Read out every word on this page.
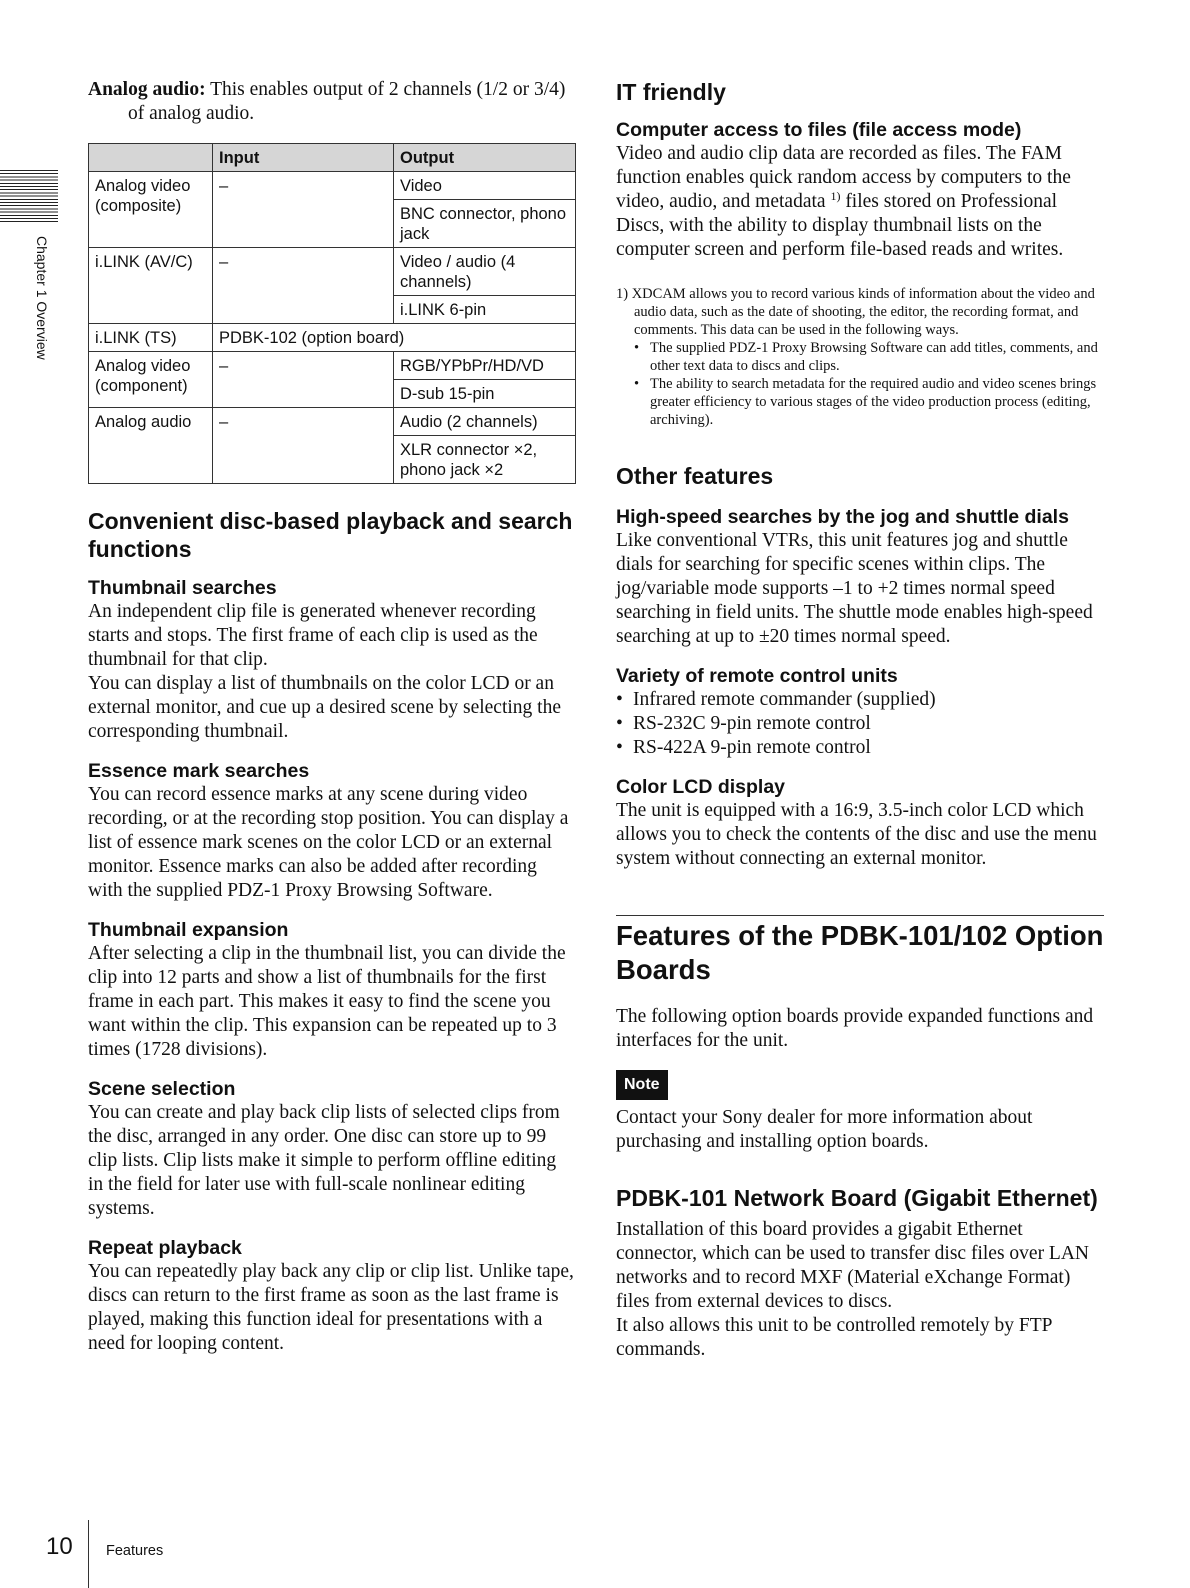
Chapter 1 Overview

Analog audio: This enables output of 2 channels (1/2 or 3/4) of analog audio.

	Input	Output
Analog video (composite)	–	Video
		BNC connector, phono jack
i.LINK (AV/C)	–	Video / audio (4 channels)
		i.LINK 6-pin
i.LINK (TS)	PDBK-102 (option board)	
Analog video (component)	–	RGB/YPbPr/HD/VD
		D-sub 15-pin
Analog audio	–	Audio (2 channels)
		XLR connector ×2, phono jack ×2
Convenient disc-based playback and search functions
Thumbnail searches

An independent clip file is generated whenever recording starts and stops. The first frame of each clip is used as the thumbnail for that clip.

You can display a list of thumbnails on the color LCD or an external monitor, and cue up a desired scene by selecting the corresponding thumbnail.

Essence mark searches

You can record essence marks at any scene during video recording, or at the recording stop position. You can display a list of essence mark scenes on the color LCD or an external monitor. Essence marks can also be added after recording with the supplied PDZ-1 Proxy Browsing Software.

Thumbnail expansion

After selecting a clip in the thumbnail list, you can divide the clip into 12 parts and show a list of thumbnails for the first frame in each part. This makes it easy to find the scene you want within the clip. This expansion can be repeated up to 3 times (1728 divisions).

Scene selection

You can create and play back clip lists of selected clips from the disc, arranged in any order. One disc can store up to 99 clip lists. Clip lists make it simple to perform offline editing in the field for later use with full-scale nonlinear editing systems.

Repeat playback

You can repeatedly play back any clip or clip list. Unlike tape, discs can return to the first frame as soon as the last frame is played, making this function ideal for presentations with a need for looping content.

IT friendly
Computer access to files (file access mode)

Video and audio clip data are recorded as files. The FAM function enables quick random access by computers to the video, audio, and metadata $^{1)}$ files stored on Professional Discs, with the ability to display thumbnail lists on the computer screen and perform file-based reads and writes.

1) XDCAM allows you to record various kinds of information about the video and audio data, such as the date of shooting, the editor, the recording format, and comments. This data can be used in the following ways.

• The supplied PDZ-1 Proxy Browsing Software can add titles, comments, and other text data to discs and clips.
• The ability to search metadata for the required audio and video scenes brings greater efficiency to various stages of the video production process (editing, archiving).
Other features
High-speed searches by the jog and shuttle dials

Like conventional VTRs, this unit features jog and shuttle dials for searching for specific scenes within clips. The jog/variable mode supports –1 to +2 times normal speed searching in field units. The shuttle mode enables high-speed searching at up to ±20 times normal speed.

Variety of remote control units
• Infrared remote commander (supplied)
• RS-232C 9-pin remote control
• RS-422A 9-pin remote control
Color LCD display

The unit is equipped with a 16:9, 3.5-inch color LCD which allows you to check the contents of the disc and use the menu system without connecting an external monitor.

Features of the PDBK-101/102 Option Boards

The following option boards provide expanded functions and interfaces for the unit.

Note

Contact your Sony dealer for more information about purchasing and installing option boards.

PDBK-101 Network Board (Gigabit Ethernet)

Installation of this board provides a gigabit Ethernet connector, which can be used to transfer disc files over LAN networks and to record MXF (Material eXchange Format) files from external devices to discs.

It also allows this unit to be controlled remotely by FTP commands.

10 Features
